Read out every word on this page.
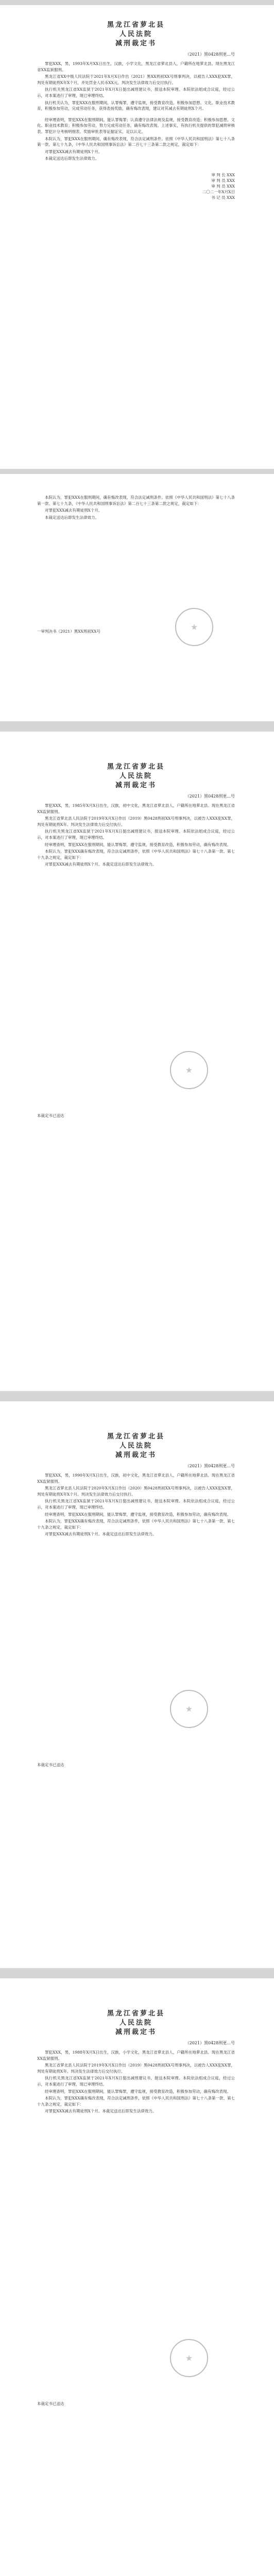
黑龙江省萝北县

人民法院

减刑裁定书

（2021）黑0428刑更...号

罪犯XXX，男，1993年X月XX日出生，汉族，小学文化，黑龙江省萝北县人，户籍所在地萝北县。现在黑龙江省XX监狱服刑。

黑龙江省XX中级人民法院于2021年X月X日作出（2021）黑XX刑初XX号刑事判决，以被告人XXX犯XX罪，判处有期徒刑X年X个月，并处罚金人民币XX元。判决发生法律效力后交付执行。

执行机关黑龙江省XX监狱于2021年X月X日提出减刑建议书，报送本院审理。本院依法组成合议庭，经过公示，对本案进行了审理，现已审理终结。

执行机关认为，罪犯XXX在服刑期间，认罪悔罪，遵守监规，接受教育改造，积极参加思想、文化、职业技术教育，积极参加劳动，完成劳动任务，获得表扬奖励，确有悔改表现，建议对其减去有期徒刑X个月。

经审理查明，罪犯XXX在服刑期间，能认罪悔罪；认真遵守法律法规及监规，接受教育改造；积极参加思想、文化、职业技术教育；积极参加劳动，努力完成劳动任务，确有悔改表现。上述事实，有执行机关提供的罪犯减刑审核表、罪犯计分考核明细表、奖励审批表等证据证实，足以认定。

本院认为，罪犯XXX在服刑期间，确有悔改表现，符合法定减刑条件。依照《中华人民共和国刑法》第七十八条第一款、第七十九条，《中华人民共和国刑事诉讼法》第二百七十三条第二款之规定，裁定如下：

对罪犯XXX减去有期徒刑X个月。

本裁定送达后即发生法律效力。

审 判 长 XXX
审 判 员 XXX
审 判 员 XXX
二〇二一年X月X日
书 记 员 XXX

本院认为，罪犯XXX在服刑期间，确有悔改表现，符合法定减刑条件。依照《中华人民共和国刑法》第七十八条第一款、第七十九条，《中华人民共和国刑事诉讼法》第二百七十三条第二款之规定，裁定如下：

对罪犯XXX减去有期徒刑X个月。

本裁定送达后即发生法律效力。

★
一审判决书（2021）黑XX刑初XX号

黑龙江省萝北县

人民法院

减刑裁定书

（2021）黑0428刑更...号

罪犯XXX，男，1985年X月X日出生，汉族，初中文化，黑龙江省萝北县人，户籍所在地萝北县。现在黑龙江省XX监狱服刑。

黑龙江省萝北县人民法院于2019年X月X日作出（2019）黑0428刑初XX号刑事判决，以被告人XXX犯XX罪，判处有期徒刑X年。判决发生法律效力后交付执行。

执行机关黑龙江省XX监狱于2021年X月X日提出减刑建议书，报送本院审理。本院依法组成合议庭，经过公示，对本案进行了审理，现已审理终结。

经审理查明，罪犯XXX在服刑期间，能认罪悔罪，遵守监规，接受教育改造，积极参加劳动，确有悔改表现。

本院认为，罪犯XXX确有悔改表现，符合法定减刑条件，依照《中华人民共和国刑法》第七十八条第一款、第七十九条之规定，裁定如下：

对罪犯XXX减去有期徒刑X个月。本裁定送达后即发生法律效力。

★
本裁定书已送达

黑龙江省萝北县

人民法院

减刑裁定书

（2021）黑0428刑更...号

罪犯XXX，男，1990年X月X日出生，汉族，初中文化，黑龙江省萝北县人，户籍所在地萝北县。现在黑龙江省XX监狱服刑。

黑龙江省萝北县人民法院于2020年X月X日作出（2020）黑0428刑初XX号刑事判决，以被告人XXX犯XX罪，判处有期徒刑X年X个月。判决发生法律效力后交付执行。

执行机关黑龙江省XX监狱于2021年X月X日提出减刑建议书，报送本院审理。本院依法组成合议庭，经过公示，对本案进行了审理，现已审理终结。

经审理查明，罪犯XXX在服刑期间，能认罪悔罪，遵守监规，接受教育改造，积极参加劳动，确有悔改表现。

本院认为，罪犯XXX确有悔改表现，符合法定减刑条件，依照《中华人民共和国刑法》第七十八条第一款、第七十九条之规定，裁定如下：

对罪犯XXX减去有期徒刑X个月。本裁定送达后即发生法律效力。

★
本裁定书已送达

黑龙江省萝北县

人民法院

减刑裁定书

（2021）黑0428刑更...号

罪犯XXX，男，1988年X月X日出生，汉族，小学文化，黑龙江省萝北县人，户籍所在地萝北县。现在黑龙江省XX监狱服刑。

黑龙江省萝北县人民法院于2019年X月X日作出（2019）黑0428刑初XX号刑事判决，以被告人XXX犯XX罪，判处有期徒刑X年。判决发生法律效力后交付执行。

执行机关黑龙江省XX监狱于2021年X月X日提出减刑建议书，报送本院审理。本院依法组成合议庭，经过公示，对本案进行了审理，现已审理终结。

经审理查明，罪犯XXX在服刑期间，能认罪悔罪，遵守监规，接受教育改造，积极参加劳动，确有悔改表现。

本院认为，罪犯XXX确有悔改表现，符合法定减刑条件，依照《中华人民共和国刑法》第七十八条第一款、第七十九条之规定，裁定如下：

对罪犯XXX减去有期徒刑X个月。本裁定送达后即发生法律效力。

★
本裁定书已送达
